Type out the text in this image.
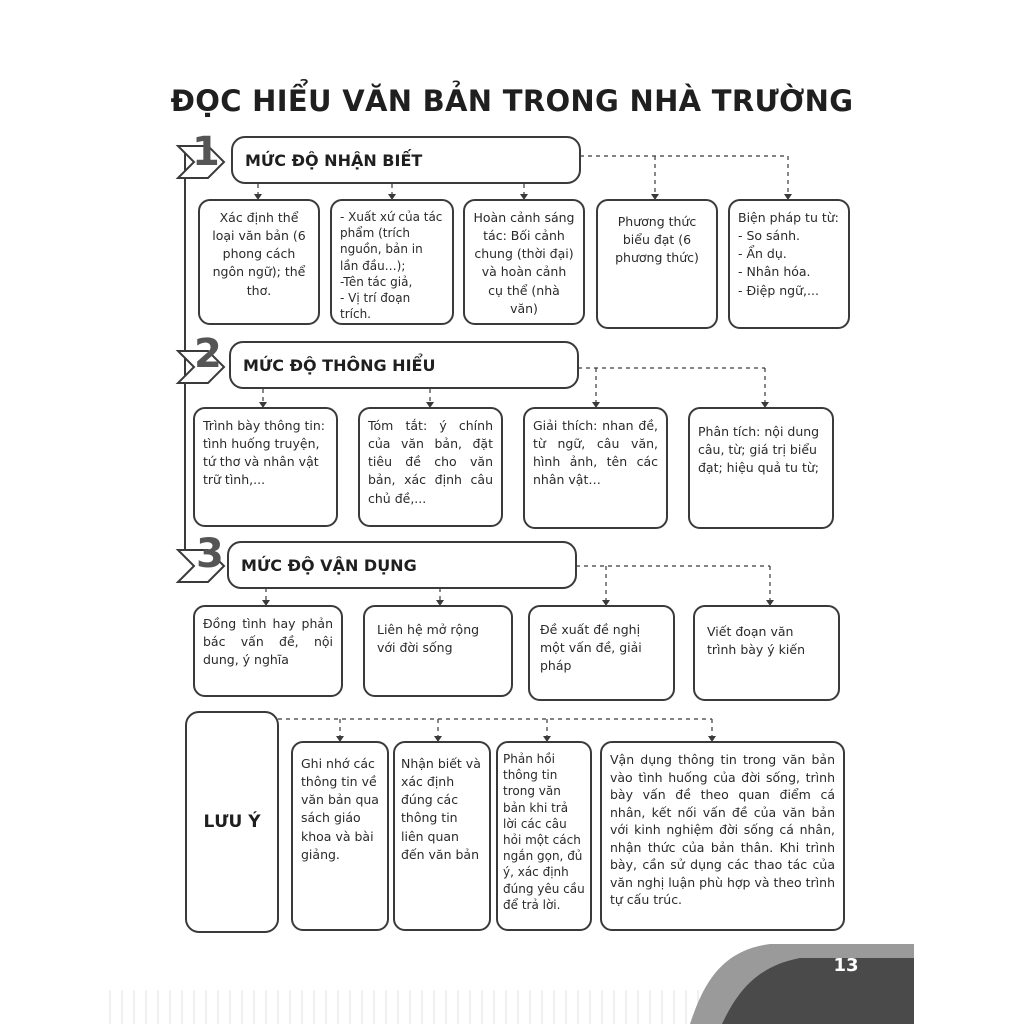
ĐỌC HIỂU VĂN BẢN TRONG NHÀ TRƯỜNG
1 MỨC ĐỘ NHẬN BIẾT
Xác định thể loại văn bản (6 phong cách ngôn ngữ); thể thơ.
- Xuất xứ của tác phẩm (trích nguồn, bản in lần đầu…);
-Tên tác giả,
- Vị trí đoạn trích.
Hoàn cảnh sáng tác: Bối cảnh chung (thời đại) và hoàn cảnh cụ thể (nhà văn)
Phương thức biểu đạt (6 phương thức)
Biện pháp tu từ:
- So sánh.
- Ẩn dụ.
- Nhân hóa.
- Điệp ngữ,...
2 MỨC ĐỘ THÔNG HIỂU
Trình bày thông tin: tình huống truyện, tứ thơ và nhân vật trữ tình,...
Tóm tắt: ý chính của văn bản, đặt tiêu đề cho văn bản, xác định câu chủ đề,...
Giải thích: nhan đề, từ ngữ, câu văn, hình ảnh, tên các nhân vật…
Phân tích: nội dung câu, từ; giá trị biểu đạt; hiệu quả tu từ;
3 MỨC ĐỘ VẬN DỤNG
Đồng tình hay phản bác vấn đề, nội dung, ý nghĩa
Liên hệ mở rộng với đời sống
Đề xuất đề nghị một vấn đề, giải pháp
Viết đoạn văn trình bày ý kiến
LƯU Ý
Ghi nhớ các thông tin về văn bản qua sách giáo khoa và bài giảng.
Nhận biết và xác định đúng các thông tin liên quan đến văn bản
Phản hồi thông tin trong văn bản khi trả lời các câu hỏi một cách ngắn gọn, đủ ý, xác định đúng yêu cầu để trả lời.
Vận dụng thông tin trong văn bản vào tình huống của đời sống, trình bày vấn đề theo quan điểm cá nhân, kết nối vấn đề của văn bản với kinh nghiệm đời sống cá nhân, nhận thức của bản thân. Khi trình bày, cần sử dụng các thao tác của văn nghị luận phù hợp và theo trình tự cấu trúc.
13
